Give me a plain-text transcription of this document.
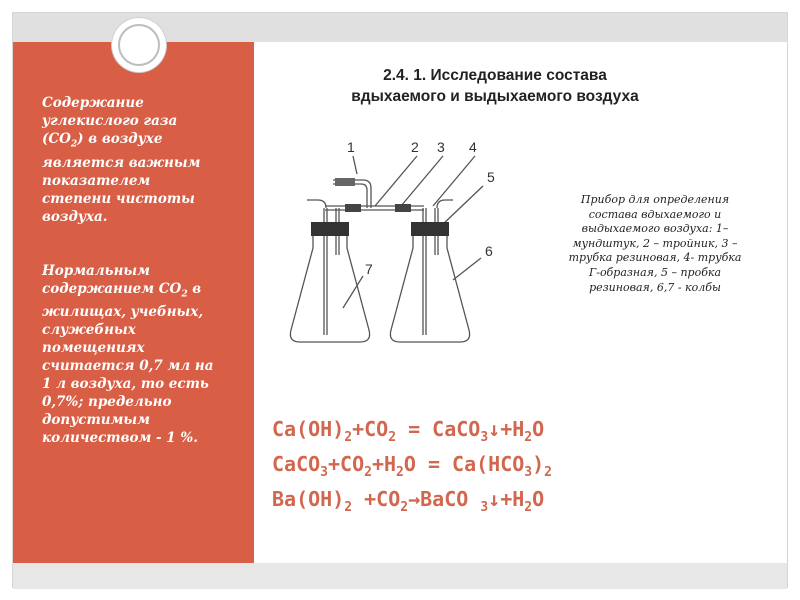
Содержание
углекислого газа
$(СО_2)$ в воздухе
является важным
показателем
степени чистоты
воздуха.

Нормальным
содержанием $СО_2$ в
жилищах, учебных,
служебных
помещениях
считается 0,7 мл на
1 л воздуха, то есть
0,7%; предельно
допустимым
количеством - 1 %.

2.4. 1. Исследование состава
вдыхаемого и выдыхаемого воздуха
1	2 3 4
5
6
7
Прибор для определения
состава вдыхаемого и
выдыхаемого воздуха: 1–
мундштук, 2 – тройник, 3 –
трубка резиновая, 4- трубка
Г-образная, 5 – пробка
резиновая, 6,7 - колбы
$Ca(OH)_2+CO_2$ = $CaCO_3↓+H_2O$
$CaCO_3+CO_2+H_2O = Ca(HCO_3)_2$
$Ba(OH)_2$ $+CO_2\to BaCO$ $_3↓+H_2O$
